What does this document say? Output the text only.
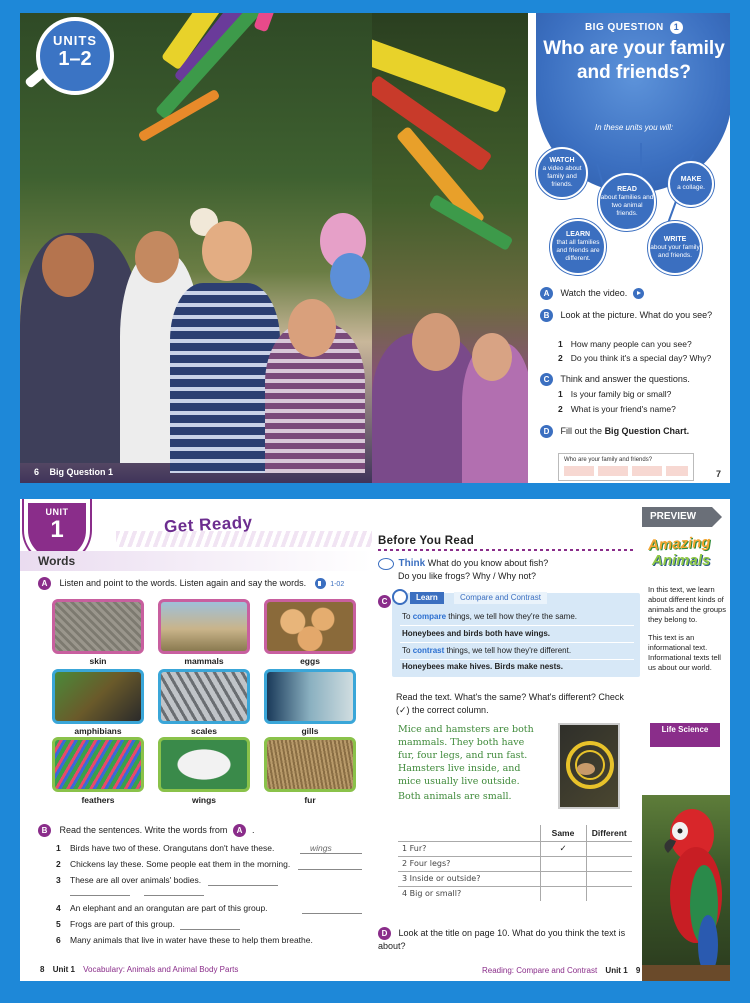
UNITS
1–2
6 Big Question 1
BIG QUESTION 1
Who are your family and friends?
In these units you will:
WATCH
a video about family and friends.
READ
about families and two animal friends.
MAKE
a collage.
LEARN
that all families and friends are different.
WRITE
about your family and friends.
A Watch the video.
B Look at the picture. What do you see?
1 How many people can you see?
2 Do you think it's a special day? Why?
C Think and answer the questions.
1 Is your family big or small?
2 What is your friend's name?
D Fill out the Big Question Chart.
Who are your family and friends?
7
UNIT
1	Get Ready
Words
A Listen and point to the words. Listen again and say the words.	1-02
skin	mammals	eggs
amphibians	scales	gills
feathers	wings	fur
B Read the sentences. Write the words from A .
1 Birds have two of these. Orangutans don't have these.	wings
2 Chickens lay these. Some people eat them in the morning.
3 These are all over animals' bodies.
4 An elephant and an orangutan are part of this group.
5 Frogs are part of this group.
6 Many animals that live in water have these to help them breathe.
8 Unit 1 Vocabulary: Animals and Animal Body Parts
Before You Read
Think What do you know about fish?
Do you like frogs? Why / Why not?
C	Learn	Compare and Contrast
To compare things, we tell how they're the same.
Honeybees and birds both have wings.
To contrast things, we tell how they're different.
Honeybees make hives. Birds make nests.
Read the text. What's the same? What's different? Check (✓) the correct column.
Mice and hamsters are both mammals. They both have fur, four legs, and run fast. Hamsters live inside, and mice usually live outside.
Both animals are small.
	Same	Different
1 Fur?	✓	
2 Four legs?		
3 Inside or outside?		
4 Big or small?		
D Look at the title on page 10. What do you think the text is about?
Reading: Compare and Contrast Unit 1 9
PREVIEW
Amazing
Animals

In this text, we learn about different kinds of animals and the groups they belong to.

This text is an informational text. Informational texts tell us about our world.

Life Science
